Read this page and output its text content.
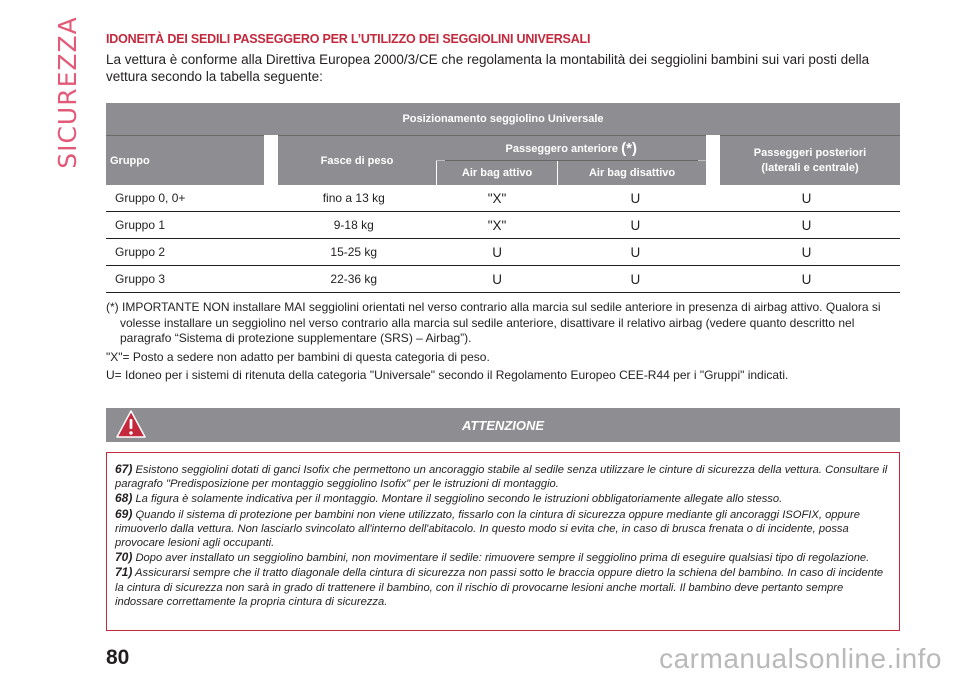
SICUREZZA IDONEITÀ DEI SEDILI PASSEGGERO PER L’UTILIZZO DEI SEGGIOLINI UNIVERSALI

La vettura è conforme alla Direttiva Europea 2000/3/CE che regolamenta la montabilità dei seggiolini bambini sui vari posti della vettura secondo la tabella seguente:

Posizionamento seggiolino Universale				
Gruppo	Fasce di peso	Passeggero anteriore (*)		Passeggeri posteriori
(laterali e centrale)
		Air bag attivo	Air bag disattivo	
Gruppo 0, 0+	fino a 13 kg	"X"	U	U
Gruppo 1	9-18 kg	"X"	U	U
Gruppo 2	15-25 kg	U	U	U
Gruppo 3	22-36 kg	U	U	U

(*) IMPORTANTE NON installare MAI seggiolini orientati nel verso contrario alla marcia sul sedile anteriore in presenza di airbag attivo. Qualora si volesse installare un seggiolino nel verso contrario alla marcia sul sedile anteriore, disattivare il relativo airbag (vedere quanto descritto nel paragrafo “Sistema di protezione supplementare (SRS) – Airbag”).

"X"= Posto a sedere non adatto per bambini di questa categoria di peso.

U= Idoneo per i sistemi di ritenuta della categoria "Universale" secondo il Regolamento Europeo CEE-R44 per i "Gruppi" indicati.

ATTENZIONE

67) Esistono seggiolini dotati di ganci Isofix che permettono un ancoraggio stabile al sedile senza utilizzare le cinture di sicurezza della vettura. Consultare il paragrafo "Predisposizione per montaggio seggiolino Isofix" per le istruzioni di montaggio.

68) La figura è solamente indicativa per il montaggio. Montare il seggiolino secondo le istruzioni obbligatoriamente allegate allo stesso.

69) Quando il sistema di protezione per bambini non viene utilizzato, fissarlo con la cintura di sicurezza oppure mediante gli ancoraggi ISOFIX, oppure rimuoverlo dalla vettura. Non lasciarlo svincolato all'interno dell'abitacolo. In questo modo si evita che, in caso di brusca frenata o di incidente, possa provocare lesioni agli occupanti.

70) Dopo aver installato un seggiolino bambini, non movimentare il sedile: rimuovere sempre il seggiolino prima di eseguire qualsiasi tipo di regolazione.

71) Assicurarsi sempre che il tratto diagonale della cintura di sicurezza non passi sotto le braccia oppure dietro la schiena del bambino. In caso di incidente la cintura di sicurezza non sarà in grado di trattenere il bambino, con il rischio di provocarne lesioni anche mortali. Il bambino deve pertanto sempre indossare correttamente la propria cintura di sicurezza.

80	carmanualsonline.info
